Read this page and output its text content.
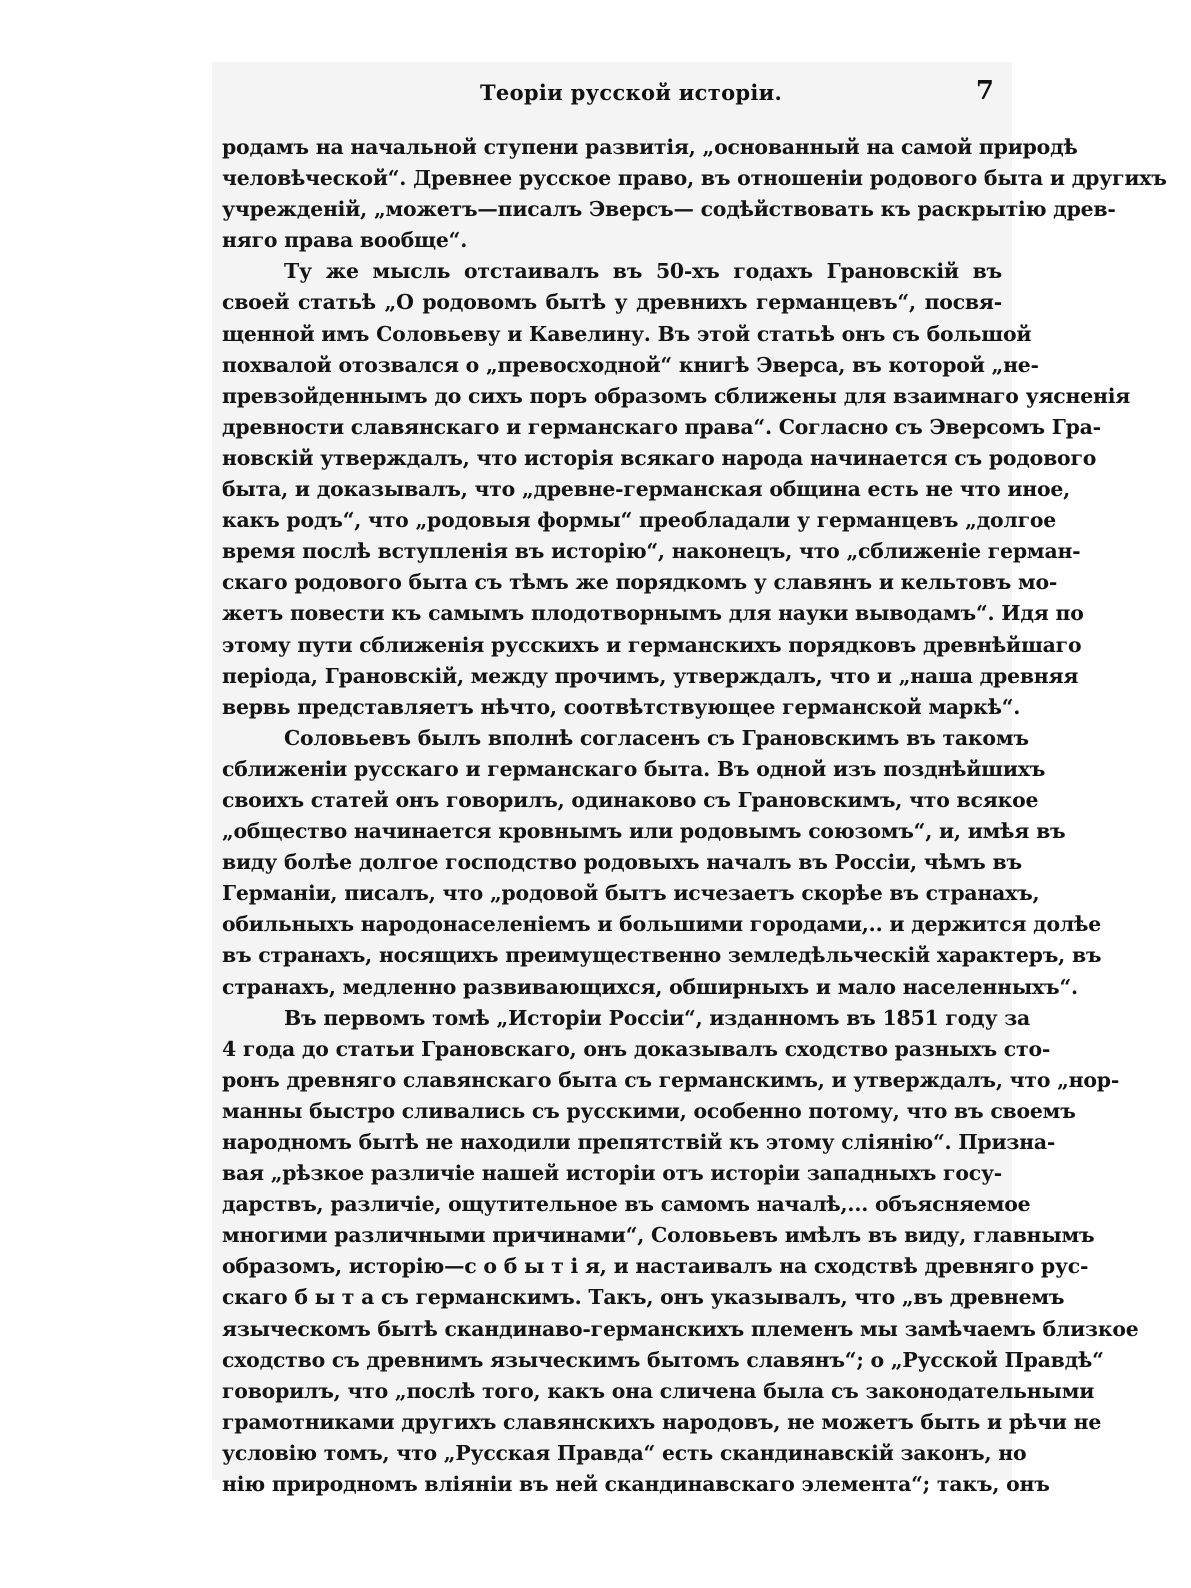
Теорiи русской исторiи.	7
родамъ на начальной ступени развитiя, „основанный на самой природѣ
человѣческой“. Древнее русское право, въ отношенiи родового быта и другихъ
учрежденiй, „можетъ—писалъ Эверсъ— содѣйствовать къ раскрытiю древ-
няго права вообще“.
Ту же мысль отстаивалъ въ 50-хъ годахъ Грановскiй въ
своей статьѣ „О родовомъ бытѣ у древнихъ германцевъ“, посвя-
щенной имъ Соловьеву и Кавелину. Въ этой статьѣ онъ съ большой
похвалой отозвался о „превосходной“ книгѣ Эверса, въ которой „не-
превзойденнымъ до сихъ поръ образомъ сближены для взаимнаго уясненiя
древности славянскаго и германскаго права“. Согласно съ Эверсомъ Гра-
новскiй утверждалъ, что исторiя всякаго народа начинается съ родового
быта, и доказывалъ, что „древне-германская община есть не что иное,
какъ родъ“, что „родовыя формы“ преобладали у германцевъ „долгое
время послѣ вступленiя въ исторiю“, наконецъ, что „сближенiе герман-
скаго родового быта съ тѣмъ же порядкомъ у славянъ и кельтовъ мо-
жетъ повести къ самымъ плодотворнымъ для науки выводамъ“. Идя по
этому пути сближенiя русскихъ и германскихъ порядковъ древнѣйшаго
перiода, Грановскiй, между прочимъ, утверждалъ, что и „наша древняя
вервь представляетъ нѣчто, соотвѣтствующее германской маркѣ“.
Соловьевъ былъ вполнѣ согласенъ съ Грановскимъ въ такомъ
сближенiи русскаго и германскаго быта. Въ одной изъ позднѣйшихъ
своихъ статей онъ говорилъ, одинаково съ Грановскимъ, что всякое
„общество начинается кровнымъ или родовымъ союзомъ“, и, имѣя въ
виду болѣе долгое господство родовыхъ началъ въ Россiи, чѣмъ въ
Германiи, писалъ, что „родовой бытъ исчезаетъ скорѣе въ странахъ,
обильныхъ народонаселенiемъ и большими городами,.. и держится долѣе
въ странахъ, носящихъ преимущественно земледѣльческiй характеръ, въ
странахъ, медленно развивающихся, обширныхъ и мало населенныхъ“.
Въ первомъ томѣ „Исторiи Россiи“, изданномъ въ 1851 году за
4 года до статьи Грановскаго, онъ доказывалъ сходство разныхъ сто-
ронъ древняго славянскаго быта съ германскимъ, и утверждалъ, что „нор-
манны быстро сливались съ русскими, особенно потому, что въ своемъ
народномъ бытѣ не находили препятствiй къ этому слiянiю“. Призна-
вая „рѣзкое различiе нашей исторiи отъ исторiи западныхъ госу-
дарствъ, различiе, ощутительное въ самомъ началѣ,... объясняемое
многими различными причинами“, Соловьевъ имѣлъ въ виду, главнымъ
образомъ, исторiю—с о б ы т i я, и настаивалъ на сходствѣ древняго рус-
скаго б ы т а съ германскимъ. Такъ, онъ указывалъ, что „въ древнемъ
языческомъ бытѣ скандинаво-германскихъ племенъ мы замѣчаемъ близкое
сходство съ древнимъ языческимъ бытомъ славянъ“; о „Русской Правдѣ“
говорилъ, что „послѣ того, какъ она сличена была съ законодательными
грамотниками другихъ славянскихъ народовъ, не можетъ быть и рѣчи не
условiю томъ, что „Русская Правда“ есть скандинавскiй законъ, но
нiю природномъ влiянiи въ ней скандинавскаго элемента“; такъ, онъ
